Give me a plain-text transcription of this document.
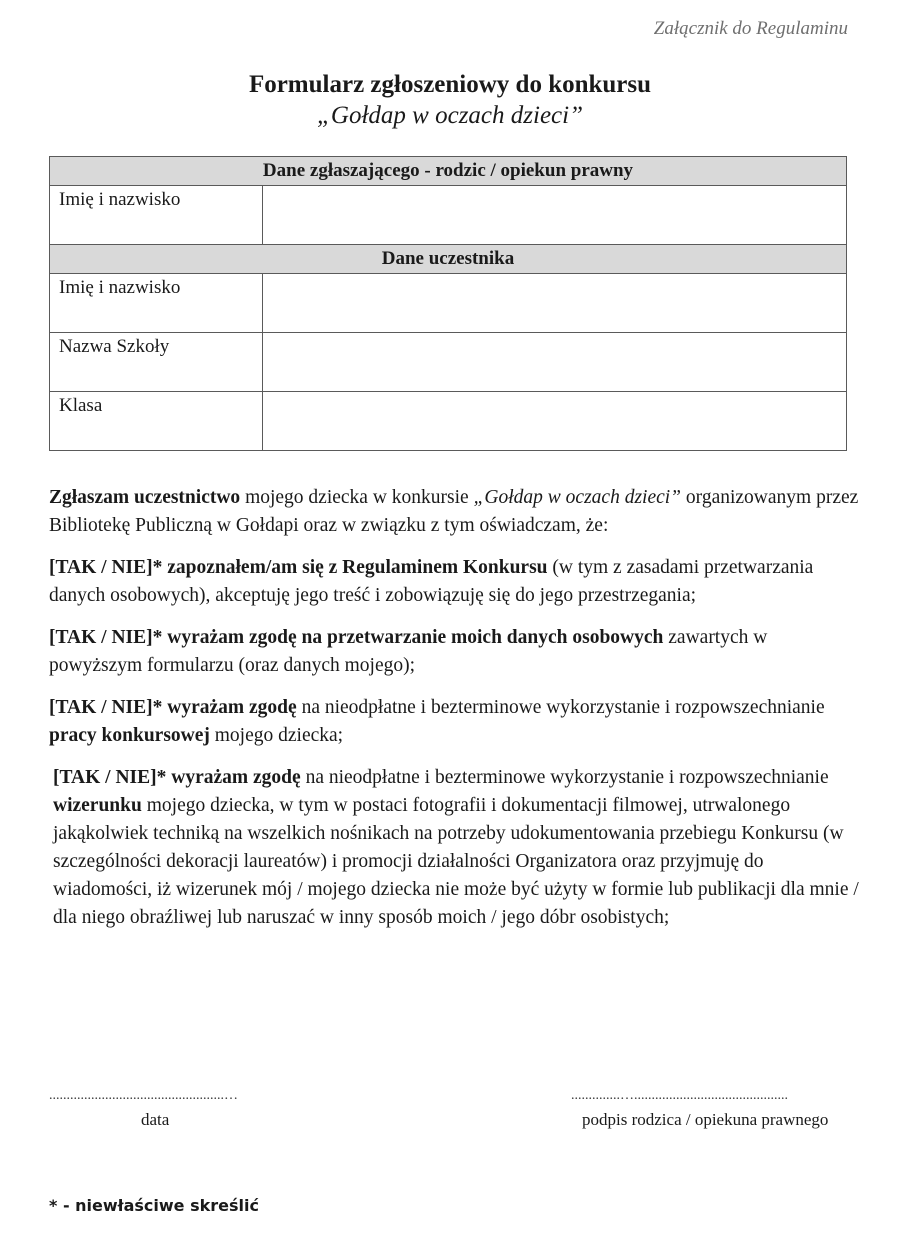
Załącznik do Regulaminu
Formularz zgłoszeniowy do konkursu
„Gołdap w oczach dzieci”
Dane zgłaszającego - rodzic / opiekun prawny	
Imię i nazwisko	
Dane uczestnika	
Imię i nazwisko	
Nazwa Szkoły	
Klasa	

Zgłaszam uczestnictwo mojego dziecka w konkursie „Gołdap w oczach dzieci” organizowanym przez Bibliotekę Publiczną w Gołdapi oraz w związku z tym oświadczam, że:

[TAK / NIE]* zapoznałem/am się z Regulaminem Konkursu (w tym z zasadami przetwarzania danych osobowych), akceptuję jego treść i zobowiązuję się do jego przestrzegania;

[TAK / NIE]* wyrażam zgodę na przetwarzanie moich danych osobowych zawartych w powyższym formularzu (oraz danych mojego);

[TAK / NIE]* wyrażam zgodę na nieodpłatne i bezterminowe wykorzystanie i rozpowszechnianie pracy konkursowej mojego dziecka;

[TAK / NIE]* wyrażam zgodę na nieodpłatne i bezterminowe wykorzystanie i rozpowszechnianie wizerunku mojego dziecka, w tym w postaci fotografii i dokumentacji filmowej, utrwalonego jakąkolwiek techniką na wszelkich nośnikach na potrzeby udokumentowania przebiegu Konkursu (w szczególności dekoracji laureatów) i promocji działalności Organizatora oraz przyjmuję do wiadomości, iż wizerunek mój / mojego dziecka nie może być użyty w formie lub publikacji dla mnie / dla niego obraźliwej lub naruszać w inny sposób moich / jego dóbr osobistych;

..................................................…
data
..............…............................................
podpis rodzica / opiekuna prawnego
* - niewłaściwe skreślić
